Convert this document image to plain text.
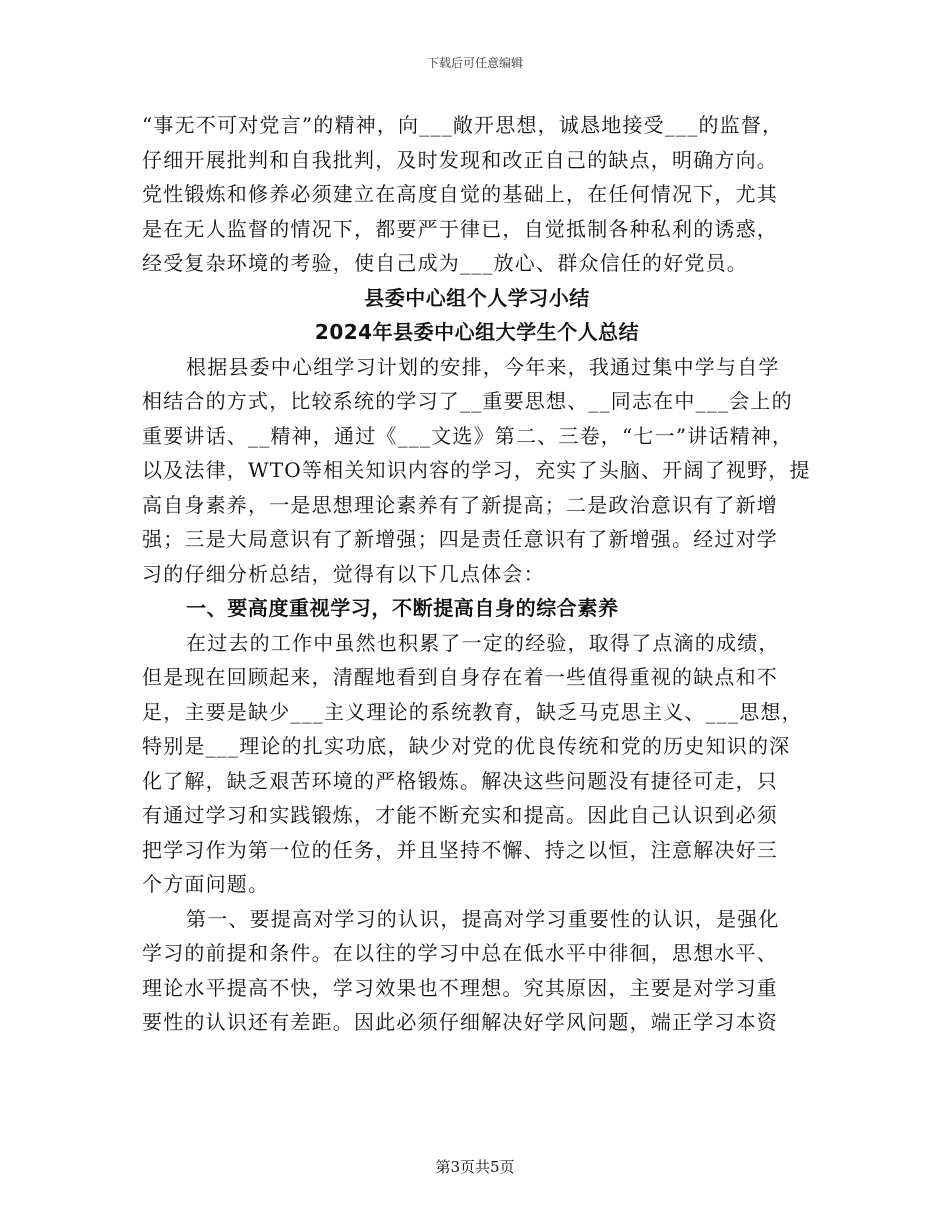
下载后可任意编辑
“事无不可对党言”的精神，向___敞开思想，诚恳地接受___的监督，
仔细开展批判和自我批判，及时发现和改正自己的缺点，明确方向。
党性锻炼和修养必须建立在高度自觉的基础上，在任何情况下，尤其
是在无人监督的情况下，都要严于律已，自觉抵制各种私利的诱惑，
经受复杂环境的考验，使自己成为___放心、群众信任的好党员。
县委中心组个人学习小结
2024年县委中心组大学生个人总结
根据县委中心组学习计划的安排，今年来，我通过集中学与自学
相结合的方式，比较系统的学习了__重要思想、__同志在中___会上的
重要讲话、__精神，通过《___文选》第二、三卷，“七一”讲话精神，
以及法律，WTO等相关知识内容的学习，充实了头脑、开阔了视野，提
高自身素养，一是思想理论素养有了新提高；二是政治意识有了新增
强；三是大局意识有了新增强；四是责任意识有了新增强。经过对学
习的仔细分析总结，觉得有以下几点体会：
一、要高度重视学习，不断提高自身的综合素养
在过去的工作中虽然也积累了一定的经验，取得了点滴的成绩，
但是现在回顾起来，清醒地看到自身存在着一些值得重视的缺点和不
足，主要是缺少___主义理论的系统教育，缺乏马克思主义、___思想，
特别是___理论的扎实功底，缺少对党的优良传统和党的历史知识的深
化了解，缺乏艰苦环境的严格锻炼。解决这些问题没有捷径可走，只
有通过学习和实践锻炼，才能不断充实和提高。因此自己认识到必须
把学习作为第一位的任务，并且坚持不懈、持之以恒，注意解决好三
个方面问题。
第一、要提高对学习的认识，提高对学习重要性的认识，是强化
学习的前提和条件。在以往的学习中总在低水平中徘徊，思想水平、
理论水平提高不快，学习效果也不理想。究其原因，主要是对学习重
要性的认识还有差距。因此必须仔细解决好学风问题，端正学习本资
第3页共5页
